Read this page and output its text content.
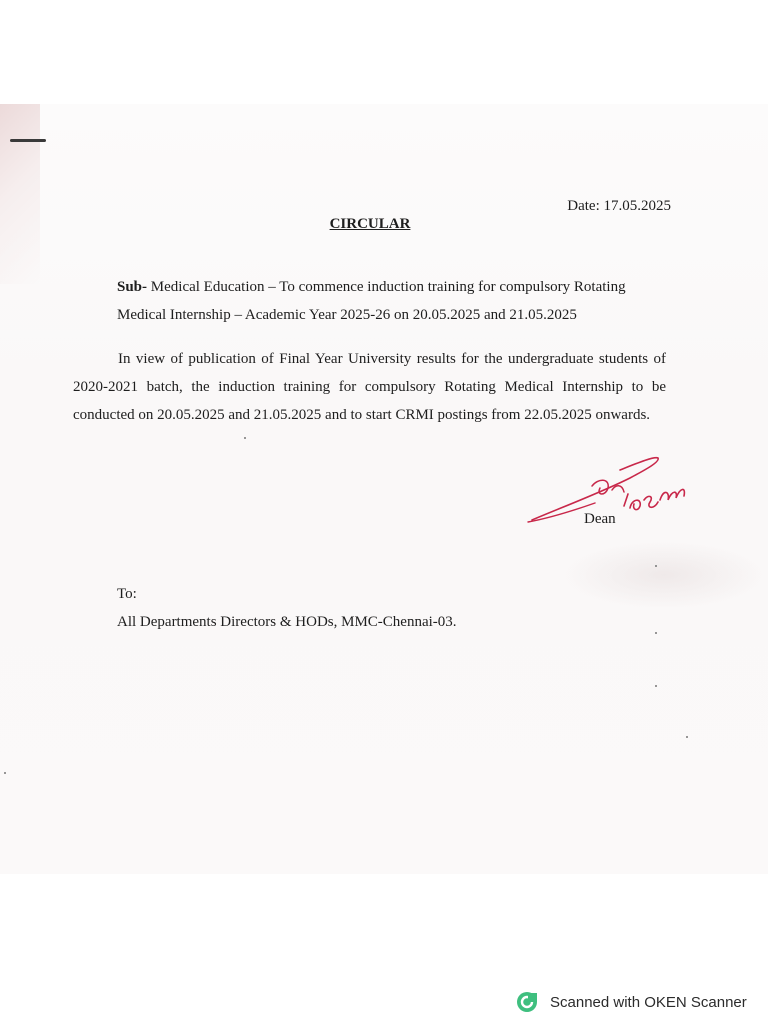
Date: 17.05.2025
CIRCULAR
Sub- Medical Education – To commence induction training for compulsory Rotating
Medical Internship – Academic Year 2025-26 on 20.05.2025 and 21.05.2025
In view of publication of Final Year University results for the undergraduate students of 2020-2021 batch, the induction training for compulsory Rotating Medical Internship to be conducted on 20.05.2025 and 21.05.2025 and to start CRMI postings from 22.05.2025 onwards.
Dean
To:
All Departments Directors & HODs, MMC-Chennai-03.
Scanned with OKEN Scanner
